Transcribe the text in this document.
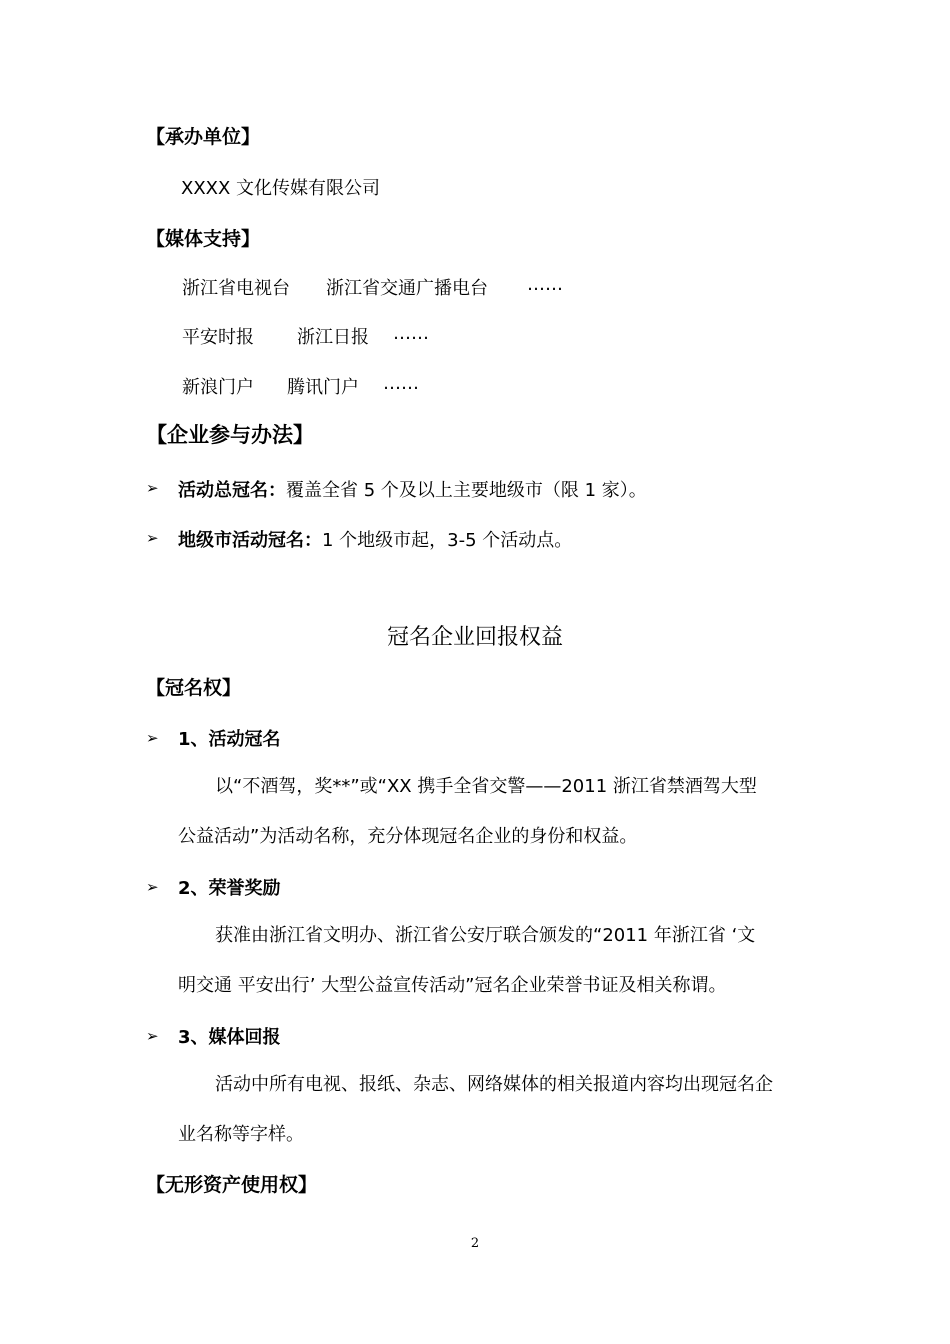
【承办单位】
XXXX 文化传媒有限公司
【媒体支持】
浙江省电视台 浙江省交通广播电台 ……
平安时报 浙江日报 ……
新浪门户 腾讯门户 ……
【企业参与办法】
➢ 活动总冠名：覆盖全省 5 个及以上主要地级市（限 1 家）。
➢ 地级市活动冠名：1 个地级市起，3-5 个活动点。
冠名企业回报权益
【冠名权】
➢ 1、活动冠名
以“不酒驾，奖**”或“XX 携手全省交警——2011 浙江省禁酒驾大型
公益活动”为活动名称，充分体现冠名企业的身份和权益。
➢ 2、荣誉奖励
获准由浙江省文明办、浙江省公安厅联合颁发的“2011 年浙江省 ‘文
明交通 平安出行’ 大型公益宣传活动”冠名企业荣誉书证及相关称谓。
➢ 3、媒体回报
活动中所有电视、报纸、杂志、网络媒体的相关报道内容均出现冠名企
业名称等字样。
【无形资产使用权】
2
